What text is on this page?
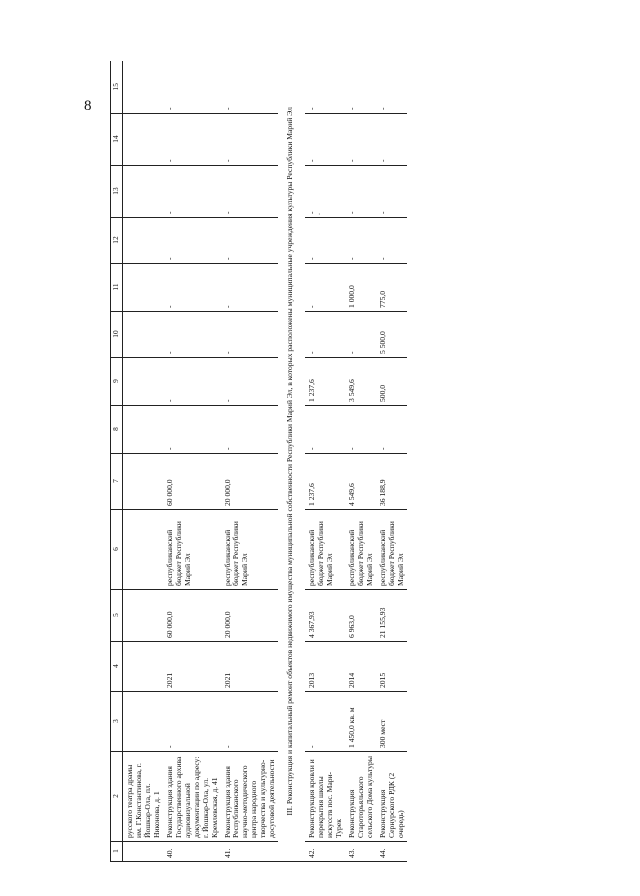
8
·
1	2	3	4	5	6	7	8	9	10	11	12	13	14	15
	русского театра драмы им. Г.Константинова, г. Йошкар-Ола, пл. Никонова, д. 1													
40.	Реконструкция здания Государственного архива аудиовизуальной документации по адресу: г. Йошкар-Ола, ул. Кремлевская, д. 41	-	2021	60 000,0	республиканский бюджет Республики Марий Эл	60 000,0	-	-	-	-	-	-	-	-
41.	Реконструкция здания Республиканского научно-методического центра народного творчества и культурно-досуговой деятельности	-	2021	20 000,0	республиканский бюджет Республики Марий Эл	20 000,0	-	-	-	-	-	-	-	-
III. Реконструкция и капитальный ремонт объектов недвижимого имущества муниципальной собственности Республики Марий Эл, в которых расположены муниципальные учреждения культуры Республики Марий Эл														
42.	Реконструкция кровли и перекрытия школы искусств пос. Мари-Турек	-	2013	4 367,93	республиканский бюджет Республики Марий Эл	1 237,6	-	1 237,6	-	-	-	-	-	-
43.	Реконструкция Старотoрьяльского сельского Дома культуры	1 450,0 кв. м	2014	6 963,0	республиканский бюджет Республики Марий Эл	4 549,6	-	3 549,6	-	1 000,0	-	-	-	-
44.	Реконструкция Сернурского РДК (2 очередь)	300 мест	2015	21 155,93	республиканский бюджет Республики Марий Эл	36 188,9	-	500,0	5 500,0	775,0	-	-	-	-
